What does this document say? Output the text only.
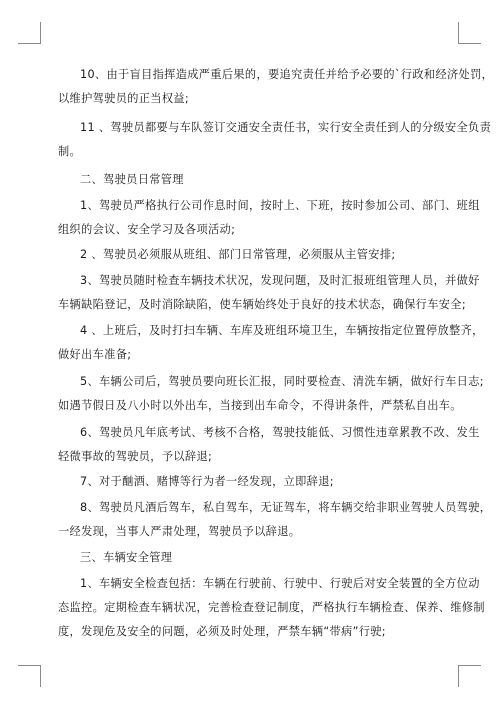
10、由于盲目指挥造成严重后果的，要追究责任并给予必要的`行政和经济处罚，
以维护驾驶员的正当权益;
11 、驾驶员都要与车队签订交通安全责任书，实行安全责任到人的分级安全负责
制。
二、驾驶员日常管理
1、驾驶员严格执行公司作息时间，按时上、下班，按时参加公司、部门、班组
组织的会议、安全学习及各项活动;
2 、驾驶员必须服从班组、部门日常管理，必须服从主管安排;
3、驾驶员随时检查车辆技术状况，发现问题，及时汇报班组管理人员，并做好
车辆缺陷登记，及时消除缺陷，使车辆始终处于良好的技术状态，确保行车安全;
4 、上班后，及时打扫车辆、车库及班组环境卫生，车辆按指定位置停放整齐，
做好出车准备;
5、车辆公司后，驾驶员要向班长汇报，同时要检查、清洗车辆，做好行车日志;
如遇节假日及八小时以外出车，当接到出车命令，不得讲条件，严禁私自出车。
6、驾驶员凡年底考试、考核不合格，驾驶技能低、习惯性违章累教不改、发生
轻微事故的驾驶员，予以辞退;
7、对于酗酒、赌博等行为者一经发现，立即辞退;
8、驾驶员凡酒后驾车，私自驾车，无证驾车，将车辆交给非职业驾驶人员驾驶，
一经发现，当事人严肃处理，驾驶员予以辞退。
三、车辆安全管理
1、车辆安全检查包括：车辆在行驶前、行驶中、行驶后对安全装置的全方位动
态监控。定期检查车辆状况，完善检查登记制度，严格执行车辆检查、保养、维修制
度，发现危及安全的问题，必须及时处理，严禁车辆“带病”行驶;
